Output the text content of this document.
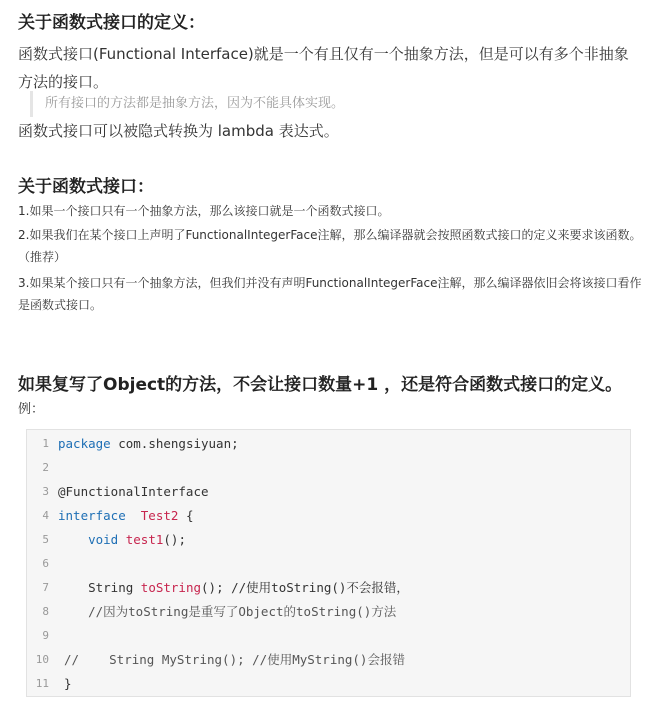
关于函数式接口的定义：
函数式接口(Functional Interface)就是一个有且仅有一个抽象方法，但是可以有多个非抽象方法的接口。
所有接口的方法都是抽象方法，因为不能具体实现。
函数式接口可以被隐式转换为 lambda 表达式。
关于函数式接口：
1.如果一个接口只有一个抽象方法，那么该接口就是一个函数式接口。
2.如果我们在某个接口上声明了FunctionalIntegerFace注解，那么编译器就会按照函数式接口的定义来要求该函数。（推荐）
3.如果某个接口只有一个抽象方法，但我们并没有声明FunctionalIntegerFace注解，那么编译器依旧会将该接口看作是函数式接口。
如果复写了Object的方法，不会让接口数量+1 ，还是符合函数式接口的定义。
例：
1 package com.shengsiyuan;
2
3 @FunctionalInterface
4 interface  Test2 {
5	void test1();
6
7 String toString(); //使用toString()不会报错，
8 //因为toString是重写了Object的toString()方法
9
10 //    String MyString(); //使用MyString()会报错
11 }
